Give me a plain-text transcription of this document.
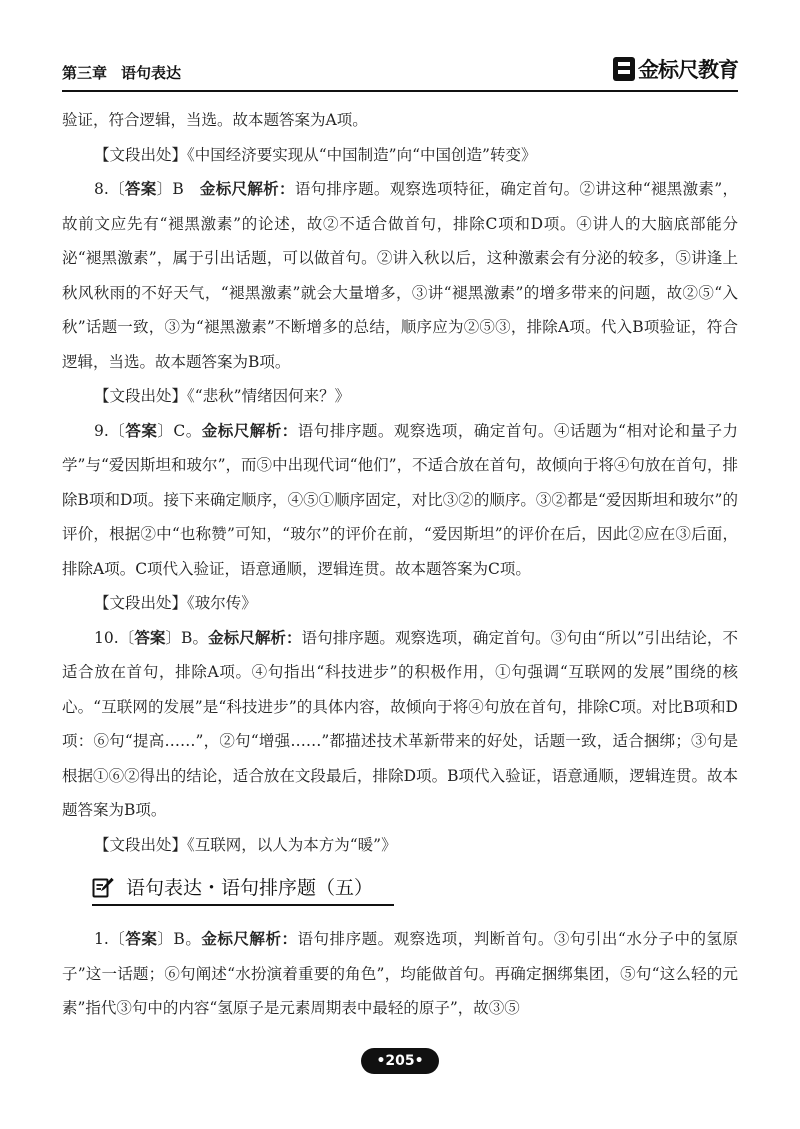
第三章 语句表达	金标尺教育

验证，符合逻辑，当选。故本题答案为A项。

【文段出处】《中国经济要实现从“中国制造”向“中国创造”转变》

8.〔答案〕B　金标尺解析：语句排序题。观察选项特征，确定首句。②讲这种“褪黑激素”，故前文应先有“褪黑激素”的论述，故②不适合做首句，排除C项和D项。④讲人的大脑底部能分泌“褪黑激素”，属于引出话题，可以做首句。②讲入秋以后，这种激素会有分泌的较多，⑤讲逢上秋风秋雨的不好天气，“褪黑激素”就会大量增多，③讲“褪黑激素”的增多带来的问题，故②⑤“入秋”话题一致，③为“褪黑激素”不断增多的总结，顺序应为②⑤③，排除A项。代入B项验证，符合逻辑，当选。故本题答案为B项。

【文段出处】《“悲秋”情绪因何来？》

9.〔答案〕C。金标尺解析：语句排序题。观察选项，确定首句。④话题为“相对论和量子力学”与“爱因斯坦和玻尔”，而⑤中出现代词“他们”，不适合放在首句，故倾向于将④句放在首句，排除B项和D项。接下来确定顺序，④⑤①顺序固定，对比③②的顺序。③②都是“爱因斯坦和玻尔”的评价，根据②中“也称赞”可知，“玻尔”的评价在前，“爱因斯坦”的评价在后，因此②应在③后面，排除A项。C项代入验证，语意通顺，逻辑连贯。故本题答案为C项。

【文段出处】《玻尔传》

10.〔答案〕B。金标尺解析：语句排序题。观察选项，确定首句。③句由“所以”引出结论，不适合放在首句，排除A项。④句指出“科技进步”的积极作用，①句强调“互联网的发展”围绕的核心。“互联网的发展”是“科技进步”的具体内容，故倾向于将④句放在首句，排除C项。对比B项和D项：⑥句“提高……”，②句“增强……”都描述技术革新带来的好处，话题一致，适合捆绑；③句是根据①⑥②得出的结论，适合放在文段最后，排除D项。B项代入验证，语意通顺，逻辑连贯。故本题答案为B项。

【文段出处】《互联网，以人为本方为“暖”》

语句表达・语句排序题（五）

1.〔答案〕B。金标尺解析：语句排序题。观察选项，判断首句。③句引出“水分子中的氢原子”这一话题；⑥句阐述“水扮演着重要的角色”，均能做首句。再确定捆绑集团，⑤句“这么轻的元素”指代③句中的内容“氢原子是元素周期表中最轻的原子”，故③⑤

•205•
